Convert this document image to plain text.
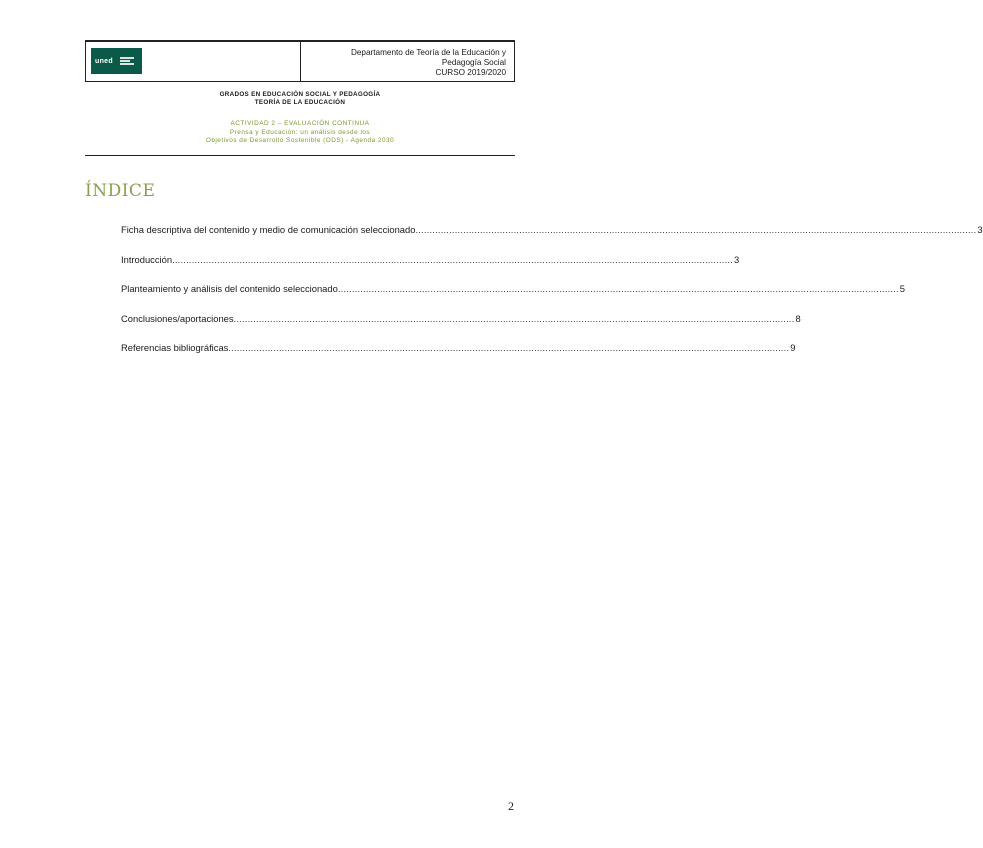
uned
Departamento de Teoría de la Educación y
Pedagogía Social
CURSO 2019/2020
GRADOS EN EDUCACIÓN SOCIAL Y PEDAGOGÍA
TEORÍA DE LA EDUCACIÓN
ACTIVIDAD 2 – EVALUACIÓN CONTINUA
Prensa y Educación: un análisis desde los
Objetivos de Desarrollo Sostenible (ODS) - Agenda 2030
ÍNDICE
Ficha descriptiva del contenido y medio de comunicación seleccionado ........................................................................................................................................................................................................ 3
Introducción ........................................................................................................................................................................................................ 3
Planteamiento y análisis del contenido seleccionado ........................................................................................................................................................................................................ 5
Conclusiones/aportaciones ........................................................................................................................................................................................................ 8
Referencias bibliográficas ........................................................................................................................................................................................................ 9
2
